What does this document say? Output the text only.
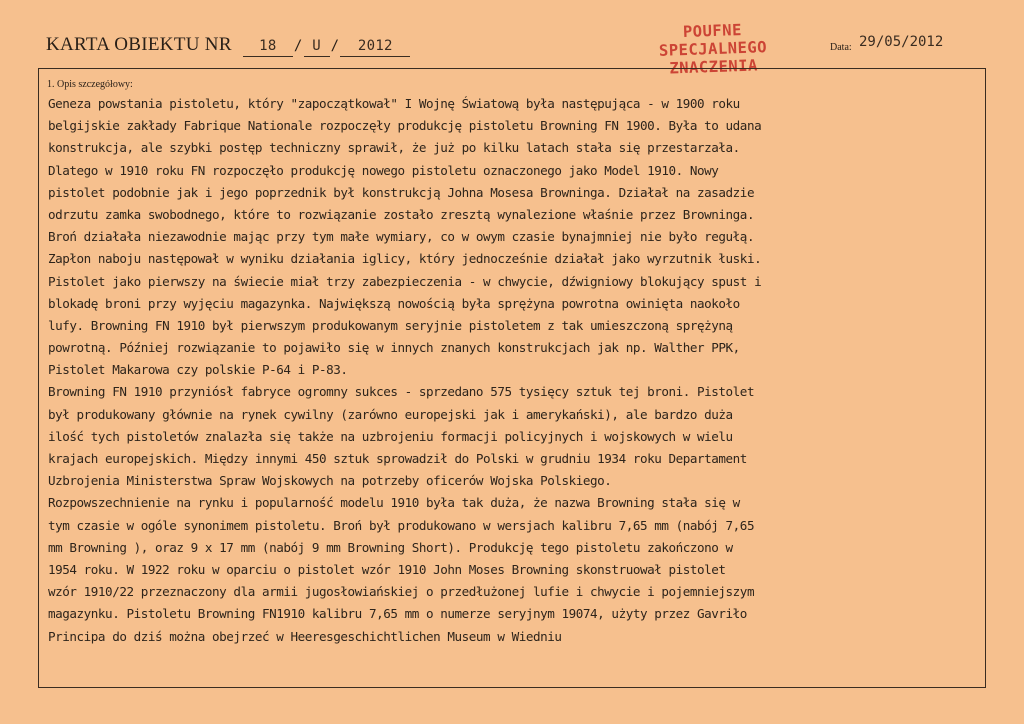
KARTA OBIEKTU NR 18 / U / 2012
POUFNE
SPECJALNEGO
ZNACZENIA
Data: 29/05/2012
1. Opis szczegółowy:
Geneza powstania pistoletu, który "zapoczątkował" I Wojnę Światową była następująca - w 1900 roku
belgijskie zakłady Fabrique Nationale rozpoczęły produkcję pistoletu Browning FN 1900. Była to udana
konstrukcja, ale szybki postęp techniczny sprawił, że już po kilku latach stała się przestarzała.
Dlatego w 1910 roku FN rozpoczęło produkcję nowego pistoletu oznaczonego jako Model 1910. Nowy
pistolet podobnie jak i jego poprzednik był konstrukcją Johna Mosesa Browninga. Działał na zasadzie
odrzutu zamka swobodnego, które to rozwiązanie zostało zresztą wynalezione właśnie przez Browninga.
Broń działała niezawodnie mając przy tym małe wymiary, co w owym czasie bynajmniej nie było regułą.
Zapłon naboju następował w wyniku działania iglicy, który jednocześnie działał jako wyrzutnik łuski.
Pistolet jako pierwszy na świecie miał trzy zabezpieczenia - w chwycie, dźwigniowy blokujący spust i
blokadę broni przy wyjęciu magazynka. Największą nowością była sprężyna powrotna owinięta naokoło
lufy. Browning FN 1910 był pierwszym produkowanym seryjnie pistoletem z tak umieszczoną sprężyną
powrotną. Później rozwiązanie to pojawiło się w innych znanych konstrukcjach jak np. Walther PPK,
Pistolet Makarowa czy polskie P-64 i P-83.
Browning FN 1910 przyniósł fabryce ogromny sukces - sprzedano 575 tysięcy sztuk tej broni. Pistolet
był produkowany głównie na rynek cywilny (zarówno europejski jak i amerykański), ale bardzo duża
ilość tych pistoletów znalazła się także na uzbrojeniu formacji policyjnych i wojskowych w wielu
krajach europejskich. Między innymi 450 sztuk sprowadził do Polski w grudniu 1934 roku Departament
Uzbrojenia Ministerstwa Spraw Wojskowych na potrzeby oficerów Wojska Polskiego.
Rozpowszechnienie na rynku i popularność modelu 1910 była tak duża, że nazwa Browning stała się w
tym czasie w ogóle synonimem pistoletu. Broń był produkowano w wersjach kalibru 7,65 mm (nabój 7,65
mm Browning ), oraz 9 x 17 mm (nabój 9 mm Browning Short). Produkcję tego pistoletu zakończono w
1954 roku. W 1922 roku w oparciu o pistolet wzór 1910 John Moses Browning skonstruował pistolet
wzór 1910/22 przeznaczony dla armii jugosłowiańskiej o przedłużonej lufie i chwycie i pojemniejszym
magazynku. Pistoletu Browning FN1910 kalibru 7,65 mm o numerze seryjnym 19074, użyty przez Gavriło
Principa do dziś można obejrzeć w Heeresgeschichtlichen Museum w Wiedniu
